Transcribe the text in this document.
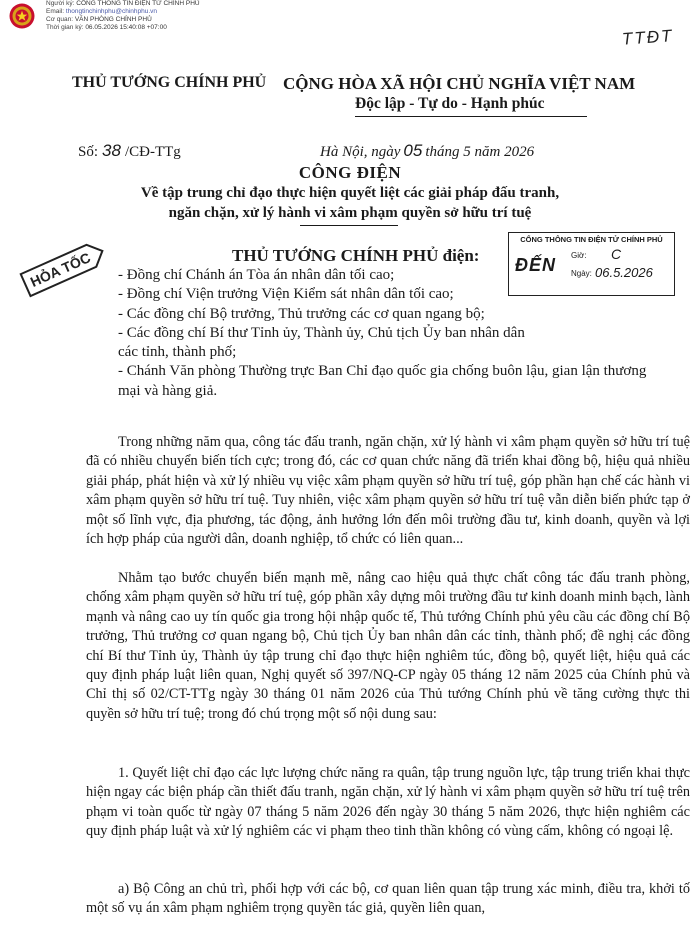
Người ký: CỔNG THÔNG TIN ĐIỆN TỬ CHÍNH PHỦ
Email: thongtinchinhphu@chinhphu.vn
Cơ quan: VĂN PHÒNG CHÍNH PHỦ
Thời gian ký: 06.05.2026 15:40:08 +07:00	TTĐT
THỦ TƯỚNG CHÍNH PHỦ CỘNG HÒA XÃ HỘI CHỦ NGHĨA VIỆT NAM
Độc lập - Tự do - Hạnh phúc
Số: 38 /CĐ-TTg	Hà Nội, ngày 05 tháng 5 năm 2026
CÔNG ĐIỆN
Về tập trung chỉ đạo thực hiện quyết liệt các giải pháp đấu tranh,
ngăn chặn, xử lý hành vi xâm phạm quyền sở hữu trí tuệ
HỎA TỐC
CỔNG THÔNG TIN ĐIỆN TỬ CHÍNH PHỦ
ĐẾN Giờ: C
Ngày: 06.5.2026
THỦ TƯỚNG CHÍNH PHỦ điện:
- Đồng chí Chánh án Tòa án nhân dân tối cao;
- Đồng chí Viện trưởng Viện Kiểm sát nhân dân tối cao;
- Các đồng chí Bộ trưởng, Thủ trưởng các cơ quan ngang bộ;
- Các đồng chí Bí thư Tỉnh ủy, Thành ủy, Chủ tịch Ủy ban nhân dân các tỉnh, thành phố;
- Chánh Văn phòng Thường trực Ban Chỉ đạo quốc gia chống buôn lậu, gian lận thương mại và hàng giả.
Trong những năm qua, công tác đấu tranh, ngăn chặn, xử lý hành vi xâm phạm quyền sở hữu trí tuệ đã có nhiều chuyển biến tích cực; trong đó, các cơ quan chức năng đã triển khai đồng bộ, hiệu quả nhiều giải pháp, phát hiện và xử lý nhiều vụ việc xâm phạm quyền sở hữu trí tuệ, góp phần hạn chế các hành vi xâm phạm quyền sở hữu trí tuệ. Tuy nhiên, việc xâm phạm quyền sở hữu trí tuệ vẫn diễn biến phức tạp ở một số lĩnh vực, địa phương, tác động, ảnh hưởng lớn đến môi trường đầu tư, kinh doanh, quyền và lợi ích hợp pháp của người dân, doanh nghiệp, tổ chức có liên quan...
Nhằm tạo bước chuyển biến mạnh mẽ, nâng cao hiệu quả thực chất công tác đấu tranh phòng, chống xâm phạm quyền sở hữu trí tuệ, góp phần xây dựng môi trường đầu tư kinh doanh minh bạch, lành mạnh và nâng cao uy tín quốc gia trong hội nhập quốc tế, Thủ tướng Chính phủ yêu cầu các đồng chí Bộ trưởng, Thủ trưởng cơ quan ngang bộ, Chủ tịch Ủy ban nhân dân các tỉnh, thành phố; đề nghị các đồng chí Bí thư Tỉnh ủy, Thành ủy tập trung chỉ đạo thực hiện nghiêm túc, đồng bộ, quyết liệt, hiệu quả các quy định pháp luật liên quan, Nghị quyết số 397/NQ-CP ngày 05 tháng 12 năm 2025 của Chính phủ và Chỉ thị số 02/CT-TTg ngày 30 tháng 01 năm 2026 của Thủ tướng Chính phủ về tăng cường thực thi quyền sở hữu trí tuệ; trong đó chú trọng một số nội dung sau:
1. Quyết liệt chỉ đạo các lực lượng chức năng ra quân, tập trung nguồn lực, tập trung triển khai thực hiện ngay các biện pháp cần thiết đấu tranh, ngăn chặn, xử lý hành vi xâm phạm quyền sở hữu trí tuệ trên phạm vi toàn quốc từ ngày 07 tháng 5 năm 2026 đến ngày 30 tháng 5 năm 2026, thực hiện nghiêm các quy định pháp luật và xử lý nghiêm các vi phạm theo tinh thần không có vùng cấm, không có ngoại lệ.
a) Bộ Công an chủ trì, phối hợp với các bộ, cơ quan liên quan tập trung xác minh, điều tra, khởi tố một số vụ án xâm phạm nghiêm trọng quyền tác giả, quyền liên quan,
